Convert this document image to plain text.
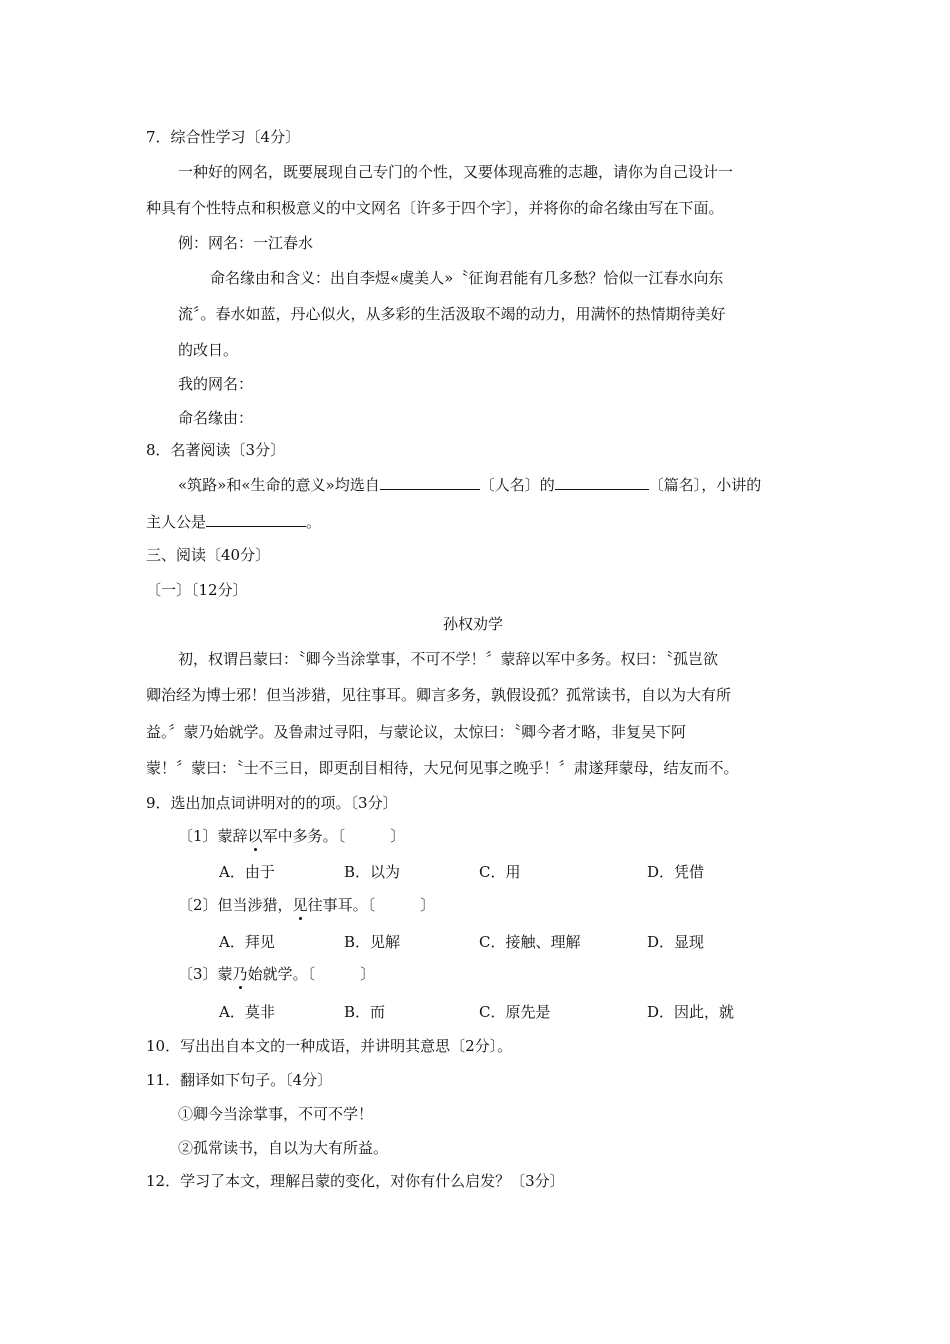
7．综合性学习〔4分〕
一种好的网名，既要展现自己专门的个性，又要体现高雅的志趣，请你为自己设计一
种具有个性特点和积极意义的中文网名〔许多于四个字〕，并将你的命名缘由写在下面。
例：网名：一江春水
命名缘由和含义：出自李煜«虞美人»〝征询君能有几多愁？恰似一江春水向东
流〞。春水如蓝，丹心似火，从多彩的生活汲取不竭的动力，用满怀的热情期待美好
的改日。
我的网名：
命名缘由：
8．名著阅读〔3分〕
«筑路»和«生命的意义»均选自	〔人名〕的	〔篇名〕，小讲的
主人公是	。
三、阅读〔40分〕
〔一〕〔12分〕
孙权劝学
初，权谓吕蒙曰：〝卿今当涂掌事，不可不学！〞蒙辞以军中多务。权曰：〝孤岂欲
卿治经为博士邪！但当涉猎，见往事耳。卿言多务，孰假设孤？孤常读书，自以为大有所
益。〞蒙乃始就学。及鲁肃过寻阳，与蒙论议，太惊曰：〝卿今者才略，非复吴下阿
蒙！〞蒙曰：〝士不三日，即更刮目相待，大兄何见事之晚乎！〞肃遂拜蒙母，结友而不。
9．选出加点词讲明对的的项。〔3分〕
〔1〕蒙辞以军中多务。〔　　　〕
A．由于	B．以为	C．用	D．凭借
〔2〕但当涉猎，见往事耳。〔　　　〕
A．拜见	B．见解	C．接触、理解	D．显现
〔3〕蒙乃始就学。〔　　　〕
A．莫非	B．而	C．原先是	D．因此，就
10．写出出自本文的一种成语，并讲明其意思〔2分〕。
11．翻译如下句子。〔4分〕
①卿今当涂掌事，不可不学！
②孤常读书，自以为大有所益。
12．学习了本文，理解吕蒙的变化，对你有什么启发？〔3分〕
